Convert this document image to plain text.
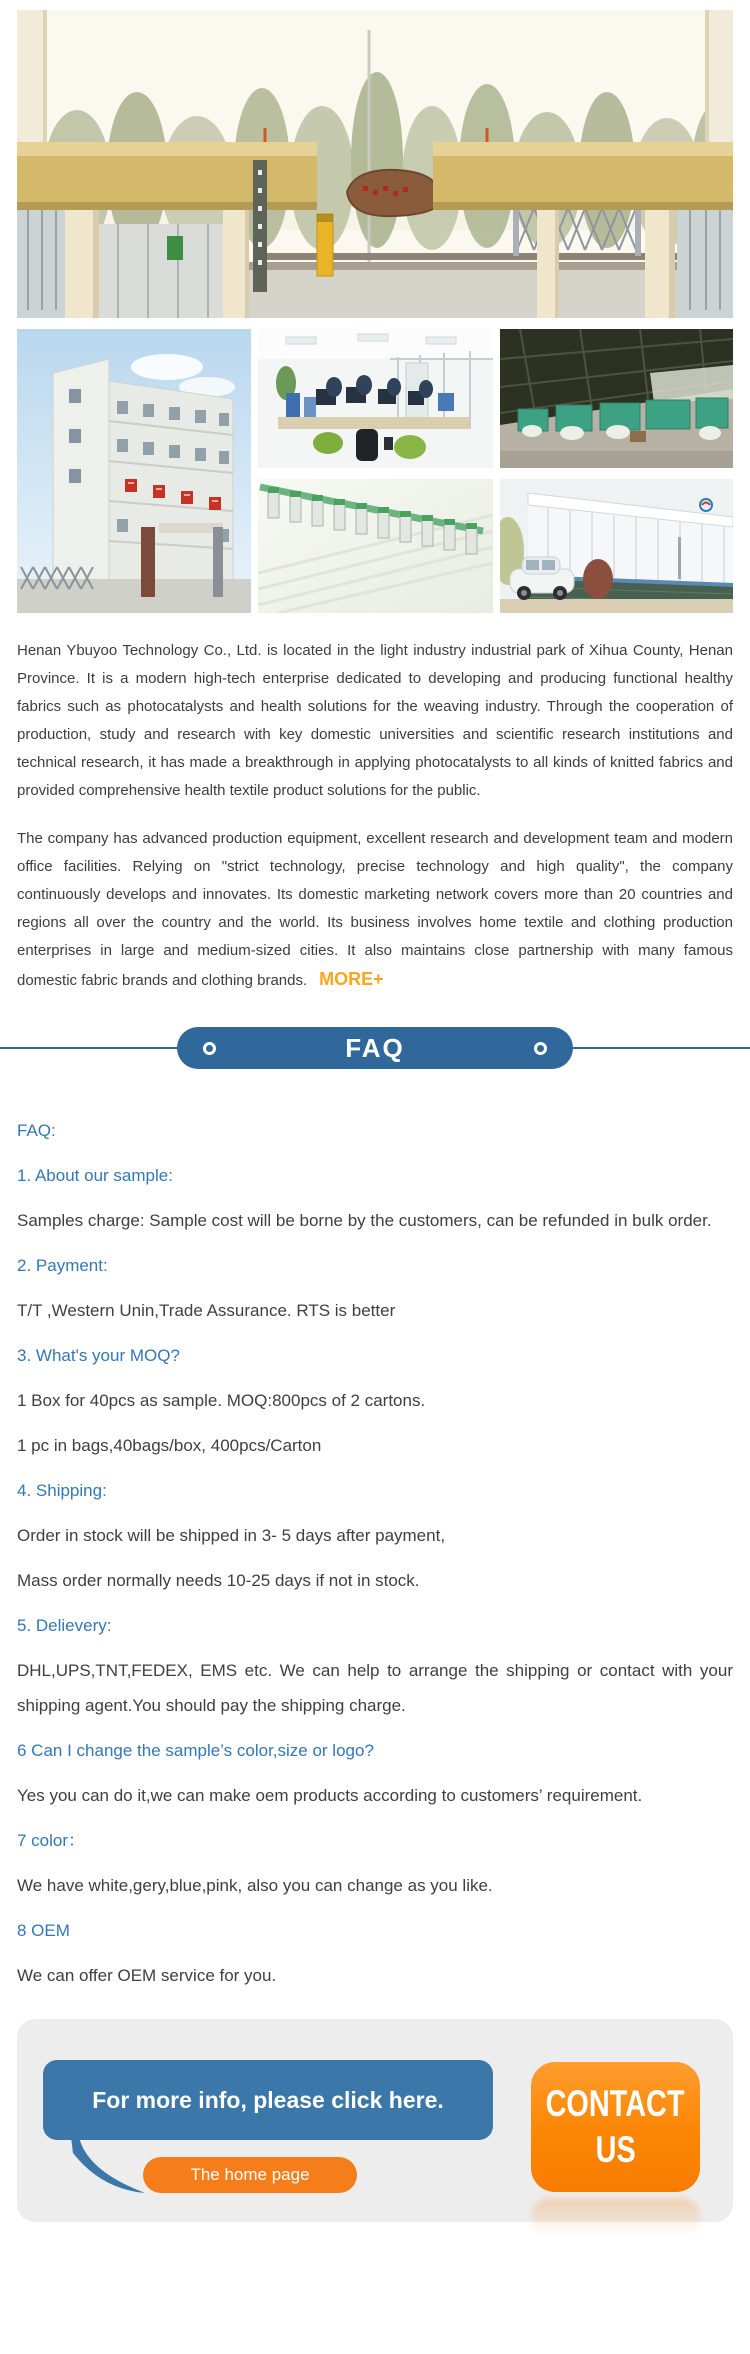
Henan Ybuyoo Technology Co., Ltd. is located in the light industry industrial park of Xihua County, Henan Province. It is a modern high-tech enterprise dedicated to developing and producing functional healthy fabrics such as photocatalysts and health solutions for the weaving industry. Through the cooperation of production, study and research with key domestic universities and scientific research institutions and technical research, it has made a breakthrough in applying photocatalysts to all kinds of knitted fabrics and provided comprehensive health textile product solutions for the public.

The company has advanced production equipment, excellent research and development team and modern office facilities. Relying on "strict technology, precise technology and high quality", the company continuously develops and innovates. Its domestic marketing network covers more than 20 countries and regions all over the country and the world. Its business involves home textile and clothing production enterprises in large and medium-sized cities. It also maintains close partnership with many famous domestic fabric brands and clothing brands. MORE+

FAQ
FAQ:
1. About our sample:
Samples charge: Sample cost will be borne by the customers, can be refunded in bulk order.
2. Payment:
T/T ,Western Unin,Trade Assurance. RTS is better
3. What's your MOQ?
1 Box for 40pcs as sample. MOQ:800pcs of 2 cartons.
1 pc in bags,40bags/box, 400pcs/Carton
4. Shipping:
Order in stock will be shipped in 3- 5 days after payment,
Mass order normally needs 10-25 days if not in stock.
5. Delievery:
DHL,UPS,TNT,FEDEX, EMS etc. We can help to arrange the shipping or contact with your shipping agent.You should pay the shipping charge.
6 Can I change the sample’s color,size or logo?
Yes you can do it,we can make oem products according to customers’ requirement.
7 color：
We have white,gery,blue,pink, also you can change as you like.
8 OEM
We can offer OEM service for you.
For more info, please click here.
The home page
CONTACT
US
